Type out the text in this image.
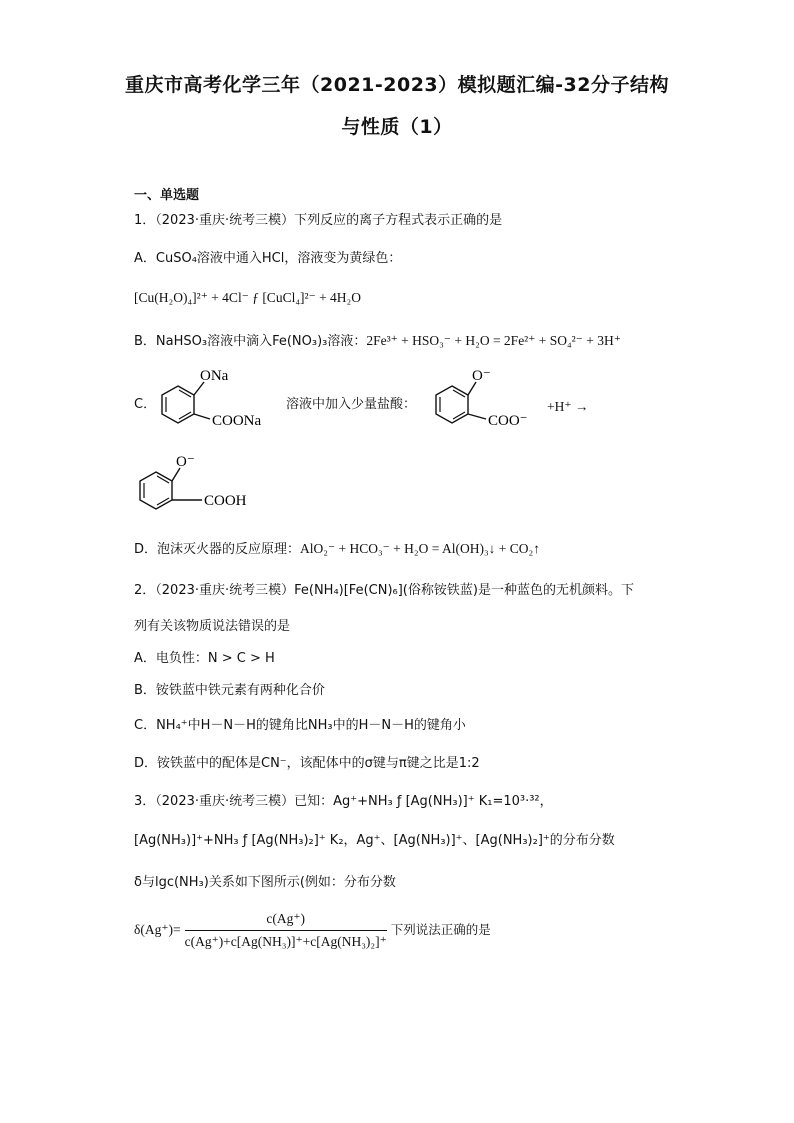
重庆市高考化学三年（2021-2023）模拟题汇编-32分子结构
与性质（1）
一、单选题
1．（2023·重庆·统考三模）下列反应的离子方程式表示正确的是
A．CuSO₄溶液中通入HCl，溶液变为黄绿色：
[Cu(H₂O)₄]²⁺ + 4Cl⁻ ƒ [CuCl₄]²⁻ + 4H₂O
B．NaHSO₃溶液中滴入Fe(NO₃)₃溶液：2Fe³⁺ + HSO₃⁻ + H₂O = 2Fe²⁺ + SO₄²⁻ + 3H⁺
C．
ONa
COONa
溶液中加入少量盐酸：
O⁻
COO⁻
+H⁺ →
O⁻
COOH
D．泡沫灭火器的反应原理：AlO₂⁻ + HCO₃⁻ + H₂O = Al(OH)₃↓ + CO₂↑
2．（2023·重庆·统考三模）Fe(NH₄)[Fe(CN)₆](俗称铵铁蓝)是一种蓝色的无机颜料。下
列有关该物质说法错误的是
A．电负性：N > C > H
B．铵铁蓝中铁元素有两种化合价
C．NH₄⁺中H－N－H的键角比NH₃中的H－N－H的键角小
D．铵铁蓝中的配体是CN⁻，该配体中的σ键与π键之比是1:2
3．（2023·重庆·统考三模）已知：Ag⁺+NH₃ ƒ [Ag(NH₃)]⁺ K₁=10³·³²，
[Ag(NH₃)]⁺+NH₃ ƒ [Ag(NH₃)₂]⁺ K₂，Ag⁺、[Ag(NH₃)]⁺、[Ag(NH₃)₂]⁺的分布分数
δ与lgc(NH₃)关系如下图所示(例如：分布分数
$\delta(Ag^+)= \frac{c(Ag^+)}{\text{c(Ag⁺)+c[Ag(NH₃)]⁺+c[Ag(NH₃)₂]⁺}}$ 下列说法正确的是
